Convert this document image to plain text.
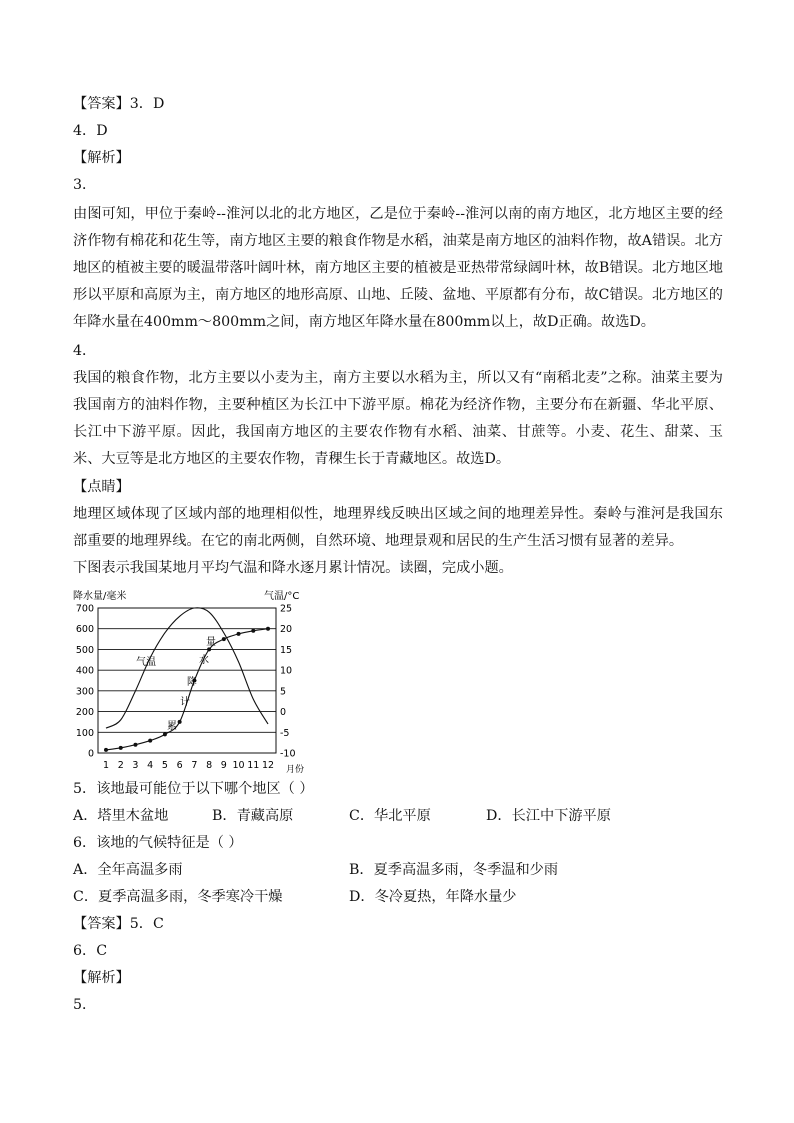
【答案】3．D
4．D
【解析】
3．
由图可知，甲位于秦岭--淮河以北的北方地区，乙是位于秦岭--淮河以南的南方地区，北方地区主要的经济作物有棉花和花生等，南方地区主要的粮食作物是水稻，油菜是南方地区的油料作物，故A错误。北方地区的植被主要的暖温带落叶阔叶林，南方地区主要的植被是亚热带常绿阔叶林，故B错误。北方地区地形以平原和高原为主，南方地区的地形高原、山地、丘陵、盆地、平原都有分布，故C错误。北方地区的年降水量在400mm～800mm之间，南方地区年降水量在800mm以上，故D正确。故选D。
4．
我国的粮食作物，北方主要以小麦为主，南方主要以水稻为主，所以又有“南稻北麦”之称。油菜主要为我国南方的油料作物，主要种植区为长江中下游平原。棉花为经济作物，主要分布在新疆、华北平原、长江中下游平原。因此，我国南方地区的主要农作物有水稻、油菜、甘蔗等。小麦、花生、甜菜、玉米、大豆等是北方地区的主要农作物，青稞生长于青藏地区。故选D。
【点睛】
地理区域体现了区域内部的地理相似性，地理界线反映出区域之间的地理差异性。秦岭与淮河是我国东部重要的地理界线。在它的南北两侧，自然环境、地理景观和居民的生产生活习惯有显著的差异。
下图表示我国某地月平均气温和降水逐月累计情况。读圈，完成小题。
降水量/毫米	气温/°C
月份
0
100
200
300
400
500
600
700
-10
-5
0
5
10
15
20
25
1 2 3 4 5 6 7 8 9 10 11 12
气温
累
计
降
水
量
5．该地最可能位于以下哪个地区（ ）
A．塔里木盆地	B．青藏高原	C．华北平原	D．长江中下游平原
6．该地的气候特征是（ ）
A．全年高温多雨	B．夏季高温多雨，冬季温和少雨
C．夏季高温多雨，冬季寒冷干燥	D．冬冷夏热，年降水量少
【答案】5．C
6．C
【解析】
5．
